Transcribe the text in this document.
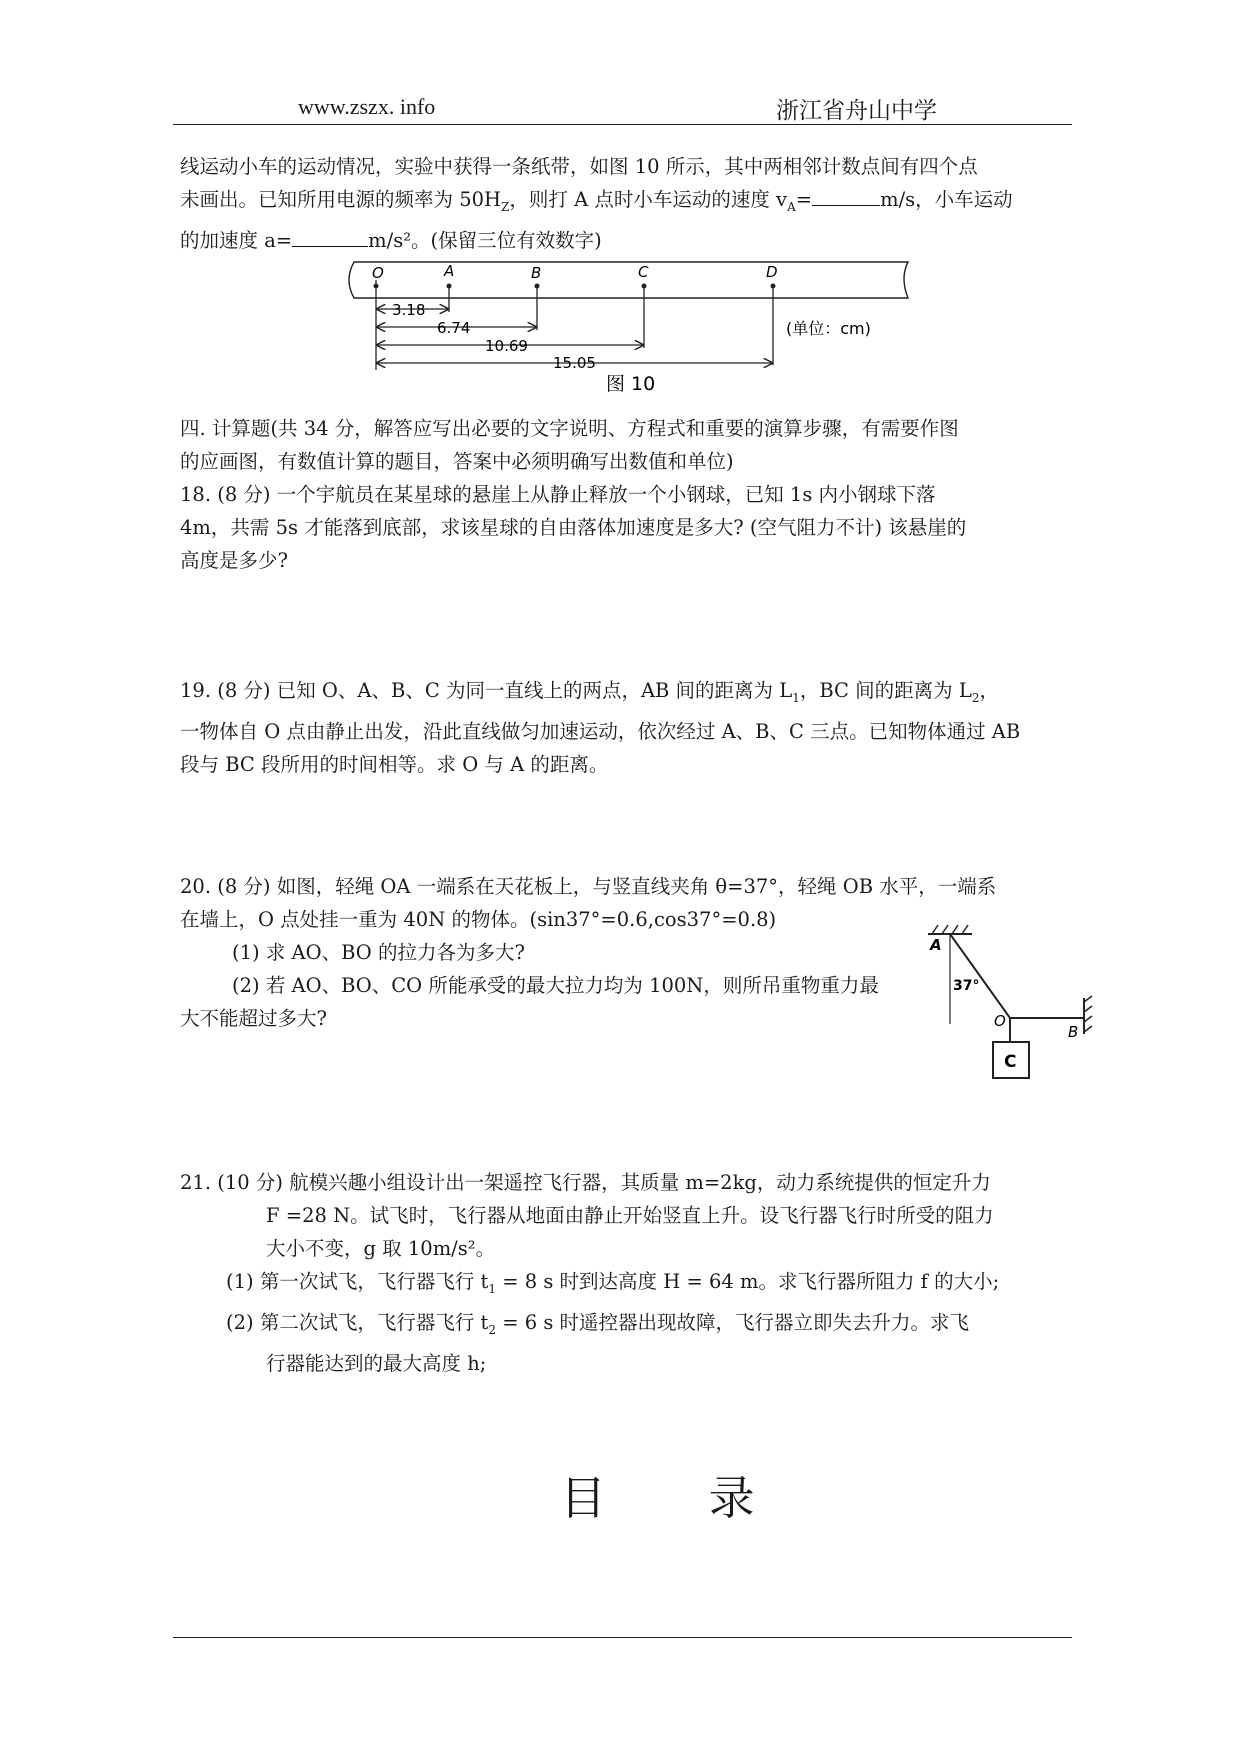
www.zszx. info	浙江省舟山中学

线运动小车的运动情况，实验中获得一条纸带，如图 10 所示，其中两相邻计数点间有四个点

未画出。已知所用电源的频率为 $50H_Z$，则打 A 点时小车运动的速度 $v_A=$	m/s，小车运动

的加速度 a=	m/s²。(保留三位有效数字)

O	A	B	C	D
3.18
6.74
10.69
15.05
(单位：cm)
图 10

四. 计算题(共 34 分，解答应写出必要的文字说明、方程式和重要的演算步骤，有需要作图

的应画图，有数值计算的题目，答案中必须明确写出数值和单位)

18. (8 分) 一个宇航员在某星球的悬崖上从静止释放一个小钢球，已知 1s 内小钢球下落

4m，共需 5s 才能落到底部，求该星球的自由落体加速度是多大? (空气阻力不计) 该悬崖的

高度是多少?

19. (8 分) 已知 O、A、B、C 为同一直线上的两点，AB 间的距离为 $L_1$，BC 间的距离为 $L_2$，

一物体自 O 点由静止出发，沿此直线做匀加速运动，依次经过 A、B、C 三点。已知物体通过 AB

段与 BC 段所用的时间相等。求 O 与 A 的距离。

20. (8 分) 如图，轻绳 OA 一端系在天花板上，与竖直线夹角 θ=37°，轻绳 OB 水平，一端系

在墙上，O 点处挂一重为 40N 的物体。(sin37°=0.6,cos37°=0.8)

(1) 求 AO、BO 的拉力各为多大?

(2) 若 AO、BO、CO 所能承受的最大拉力均为 100N，则所吊重物重力最

大不能超过多大?

C
A
O
B
37°

21. (10 分) 航模兴趣小组设计出一架遥控飞行器，其质量 m=2kg，动力系统提供的恒定升力

F =28 N。试飞时，飞行器从地面由静止开始竖直上升。设飞行器飞行时所受的阻力

大小不变，g 取 10m/s²。

(1) 第一次试飞，飞行器飞行 $t_1 = 8$ s 时到达高度 H = 64 m。求飞行器所阻力 f 的大小;

(2) 第二次试飞，飞行器飞行 $t_2 = 6$ s 时遥控器出现故障，飞行器立即失去升力。求飞

行器能达到的最大高度 h;

目 录
